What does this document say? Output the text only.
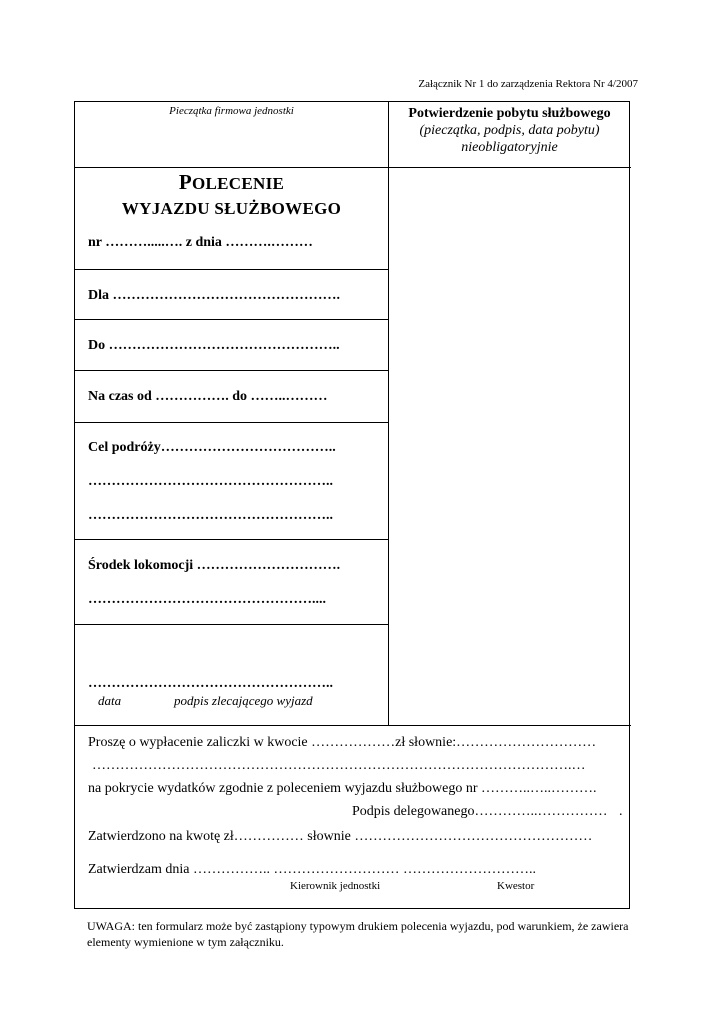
Załącznik Nr 1 do zarządzenia Rektora Nr 4/2007
Pieczątka firmowa jednostki	Potwierdzenie pobytu służbowego
(pieczątka, podpis, data pobytu)
nieobligatoryjnie
POLECENIE
WYJAZDU SŁUŻBOWEGO
nr ……….....…. z dnia ……….………
Dla ………………………………………….
Do …………………………………………..
Na czas od ……………. do ……..………
Cel podróży………………………………..
……………………………………………..
……………………………………………..
Środek lokomocji ………………………….
…………………………………………....
……………………………………………..
data	podpis zlecającego wyjazd
Proszę o wypłacenie zaliczki w kwocie ………………zł słownie:…………………………
………………………………………………………………………………………….…
na pokrycie wydatków zgodnie z poleceniem wyjazdu służbowego nr ………..…..……….
Podpis delegowanego…………..…………… .
Zatwierdzono na kwotę zł…………… słownie ……………………………………………
Zatwierdzam dnia …………….. ……………………… ………………………..
Kierownik jednostki	Kwestor
UWAGA: ten formularz może być zastąpiony typowym drukiem polecenia wyjazdu, pod warunkiem, że zawiera elementy wymienione w tym załączniku.
